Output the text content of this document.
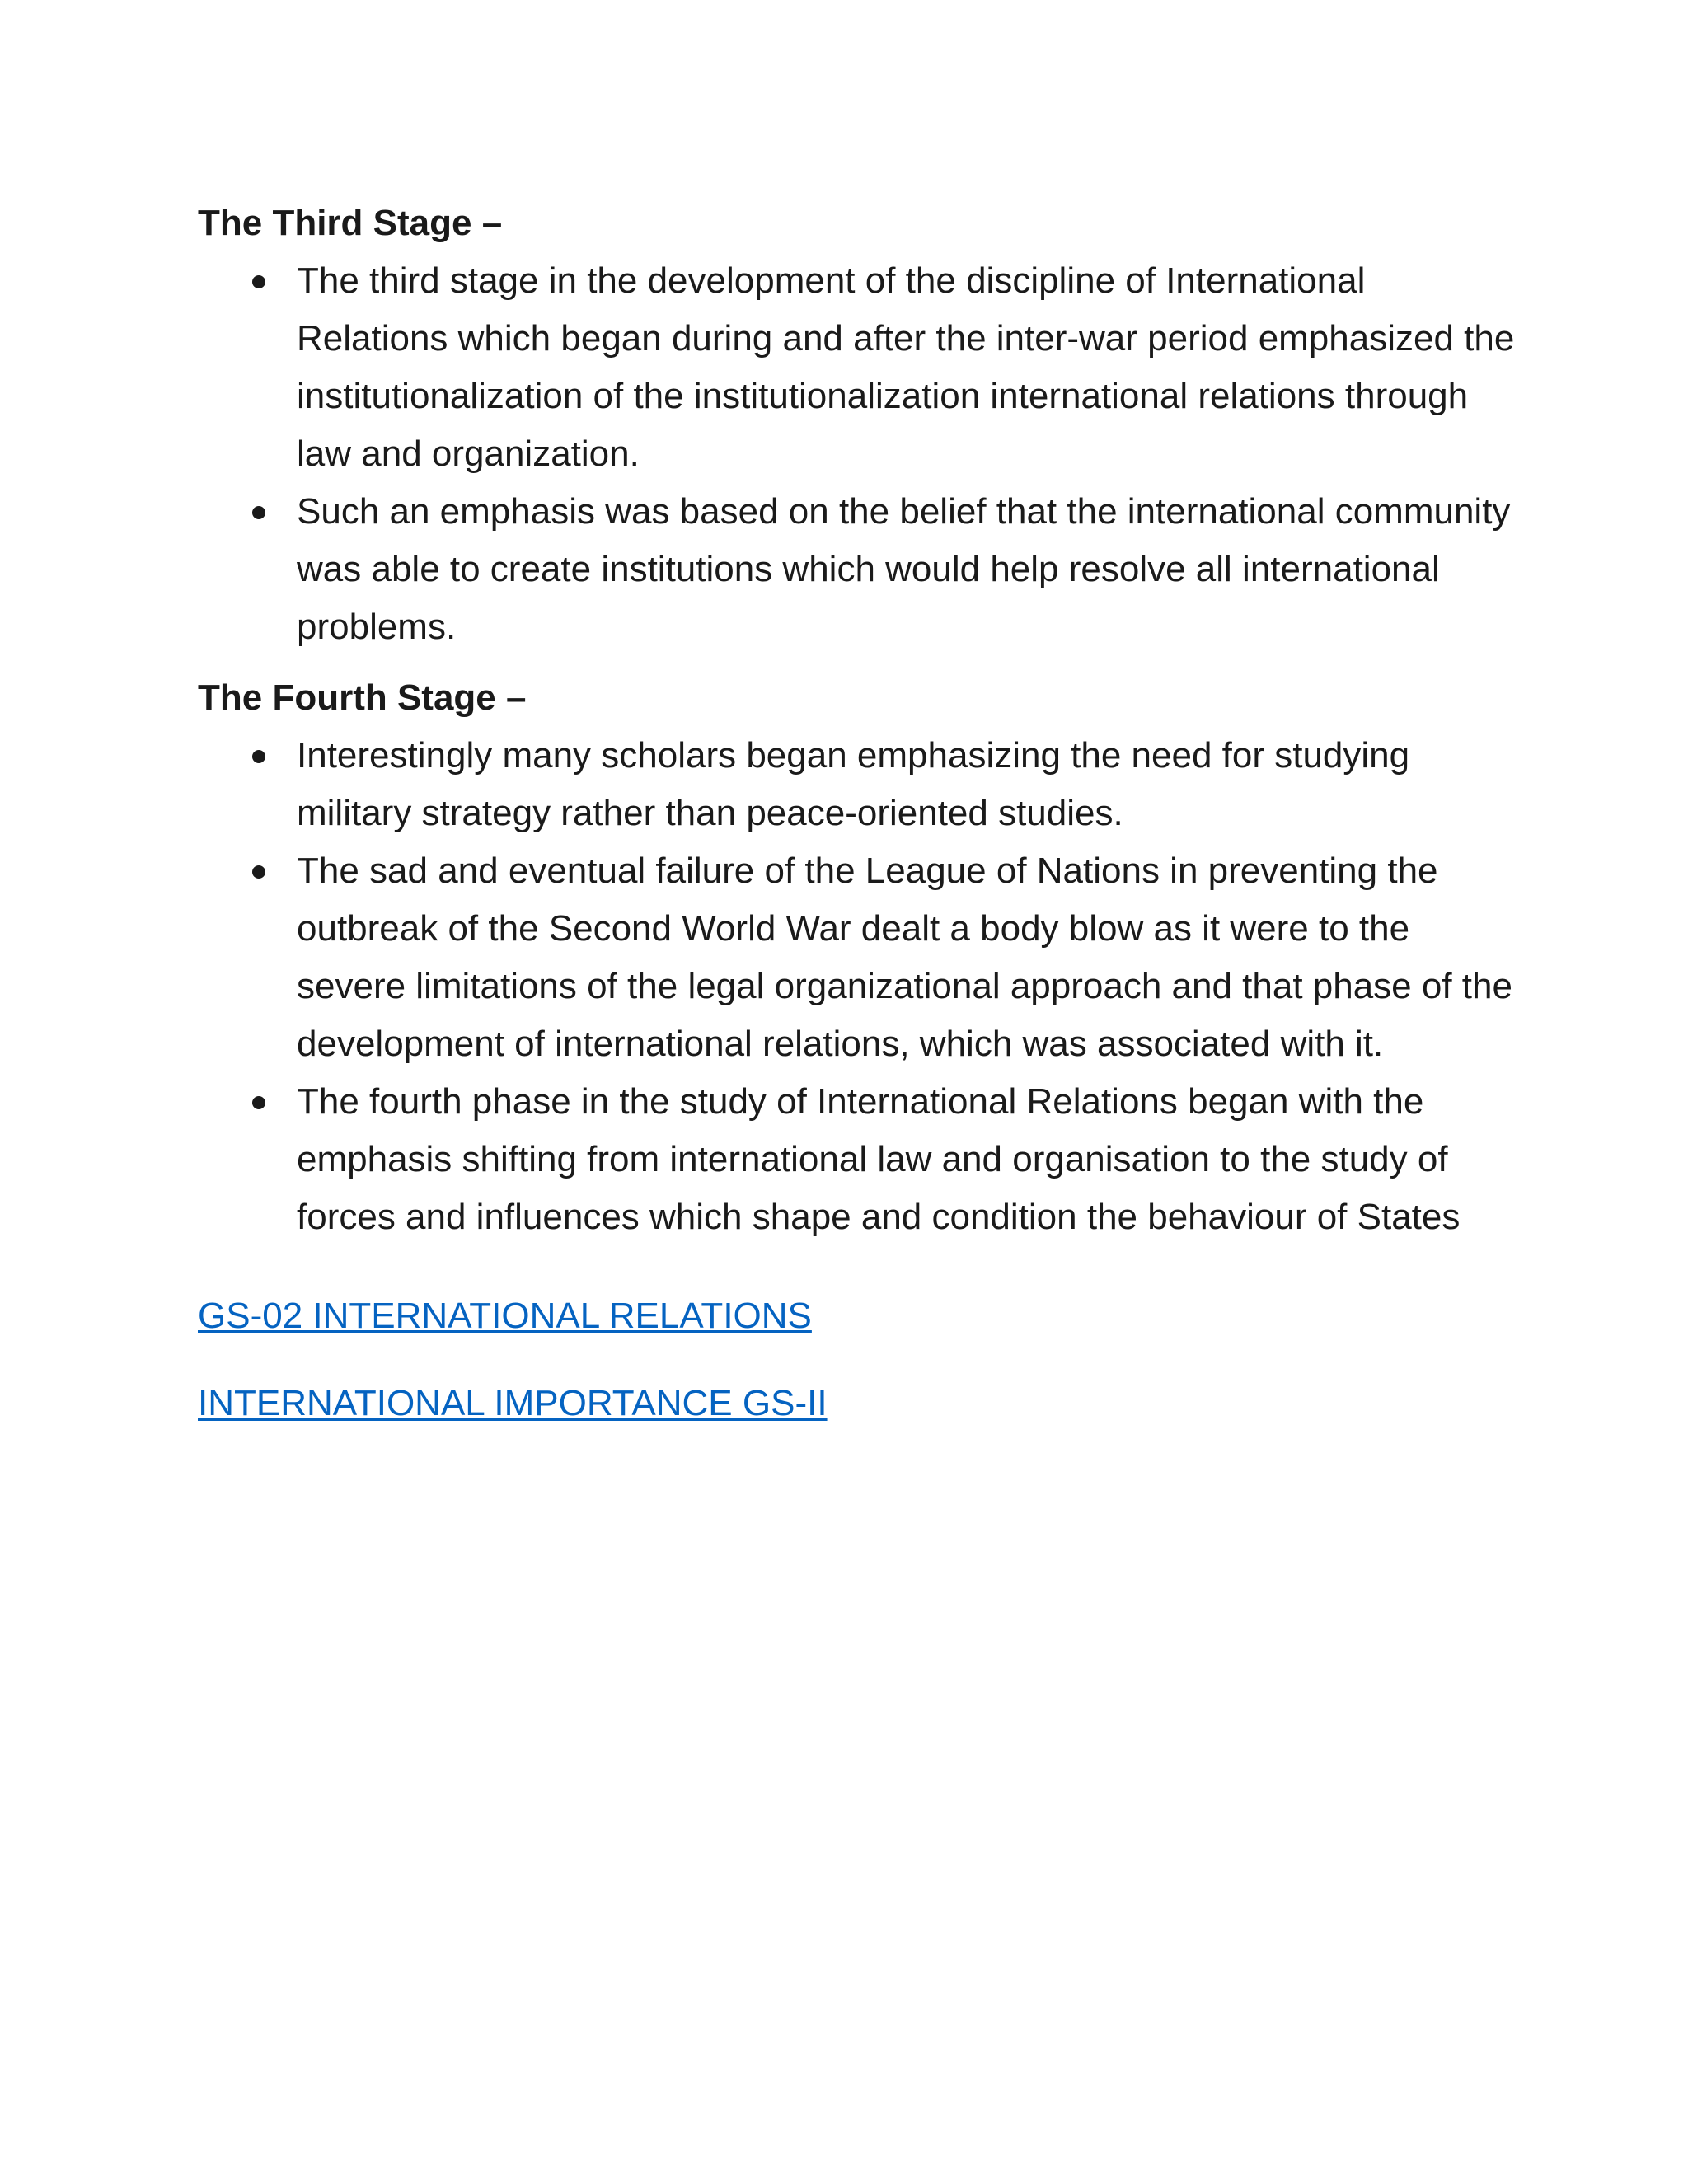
The Third Stage –

The third stage in the development of the discipline of International Relations which began during and after the inter-war period emphasized the institutionalization of the institutionalization international relations through law and organization.
Such an emphasis was based on the belief that the international community was able to create institutions which would help resolve all international problems.

The Fourth Stage –

Interestingly many scholars began emphasizing the need for studying military strategy rather than peace-oriented studies.
The sad and eventual failure of the League of Nations in preventing the outbreak of the Second World War dealt a body blow as it were to the severe limitations of the legal organizational approach and that phase of the development of international relations, which was associated with it.
The fourth phase in the study of International Relations began with the emphasis shifting from international law and organisation to the study of forces and influences which shape and condition the behaviour of States
GS-02 INTERNATIONAL RELATIONS
INTERNATIONAL IMPORTANCE GS-II
